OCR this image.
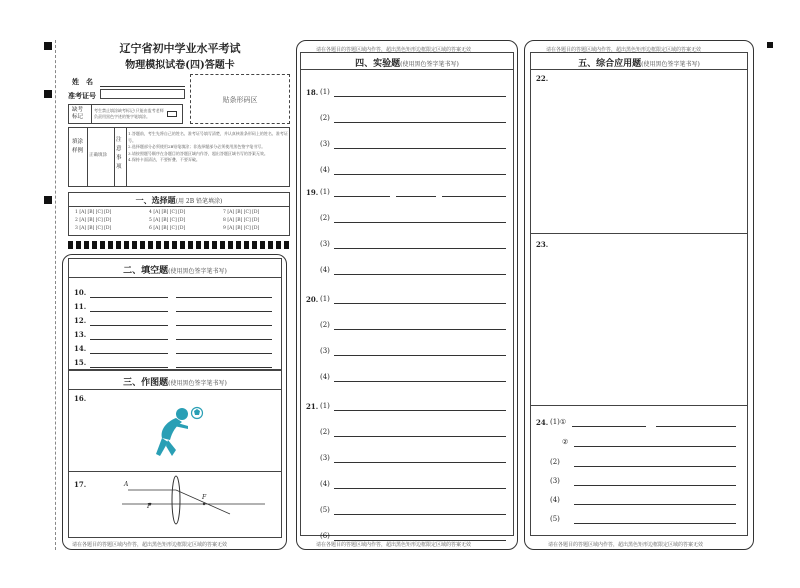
辽宁省初中学业水平考试
物理模拟试卷(四)答题卡
姓　名
准考证号	贴条形码区
缺考标记
考生禁止填涂缺考标记!只能由监考老师负责用黑色字迹的签字笔填涂。
填涂样例
正确填涂
注意事项
1.答题前，考生先将自己的姓名、准考证号填写清楚，并认真核准条形码上的姓名、准考证号。
2.选择题部分必须使用2B铅笔填涂；非选择题部分必须使用黑色签字笔书写。
3.请按照题号顺序在各题目的答题区域内作答，超出答题区域书写的答案无效。
4.保持卡面清洁，不要折叠、不要弄破。
一、选择题(用 2B 铅笔填涂)
1 [A] [B] [C] [D]
2 [A] [B] [C] [D]
3 [A] [B] [C] [D]
4 [A] [B] [C] [D]
5 [A] [B] [C] [D]
6 [A] [B] [C] [D]
7 [A] [B] [C] [D]
8 [A] [B] [C] [D]
9 [A] [B] [C] [D]
二、填空题(使用黑色签字笔书写)
三、作图题(使用黑色签字笔书写)
16.
17.	A
F
F
请在各题目的答题区域内作答，超出黑色矩形边框限定区域的答案无效
请在各题目的答题区域内作答，超出黑色矩形边框限定区域的答案无效
四、实验题(使用黑色签字笔书写)
请在各题目的答题区域内作答，超出黑色矩形边框限定区域的答案无效
请在各题目的答题区域内作答，超出黑色矩形边框限定区域的答案无效
五、综合应用题(使用黑色签字笔书写)
22.
23.
24.
请在各题目的答题区域内作答，超出黑色矩形边框限定区域的答案无效
10.
11.
12.
13.
14.
15.
18. (1)
(2)
(3)
(4)
19. (1)
(2)
(3)
(4)
20. (1)
(2)
(3)
(4)
21. (1)
(2)
(3)
(4)
(5)
(6)
(1)①
②
(2)
(3)
(4)
(5)
